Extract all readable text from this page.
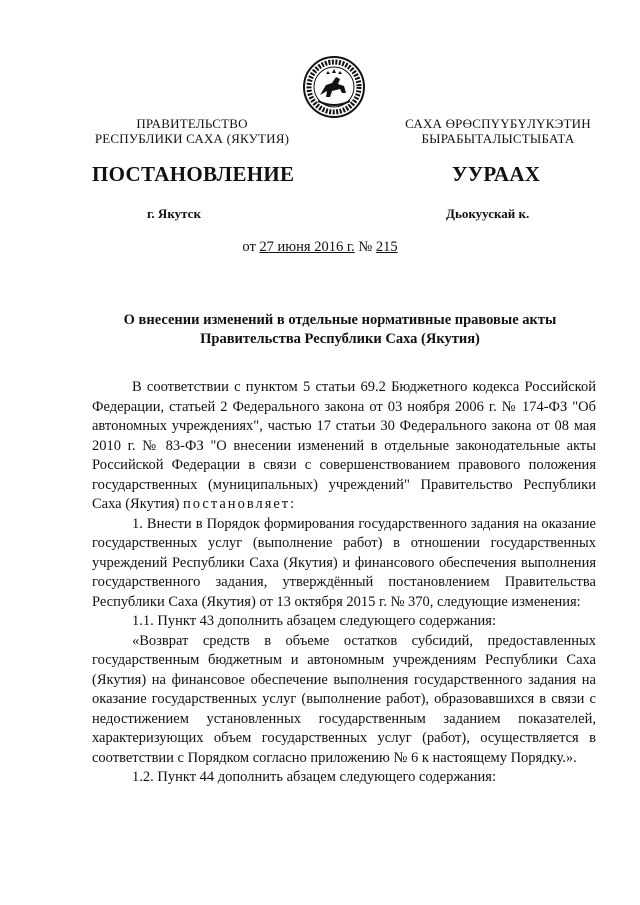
ПРАВИТЕЛЬСТВО
РЕСПУБЛИКИ САХА (ЯКУТИЯ)
САХА ӨРӨСПҮҮБҮЛҮКЭТИН
БЫРАБЫТАЛЫСТЫБАТА
ПОСТАНОВЛЕНИЕ	УУРААХ
г. Якутск	Дьокуускай к.
от 27 июня 2016 г. № 215
О внесении изменений в отдельные нормативные правовые акты
Правительства Республики Саха (Якутия)

В соответствии с пунктом 5 статьи 69.2 Бюджетного кодекса Российской Федерации, статьей 2 Федерального закона от 03 ноября 2006 г. № 174-ФЗ "Об автономных учреждениях", частью 17 статьи 30 Федерального закона от 08 мая 2010 г. № 83-ФЗ "О внесении изменений в отдельные законодательные акты Российской Федерации в связи с совершенствованием правового положения государственных (муниципальных) учреждений" Правительство Республики Саха (Якутия) постановляет:

1. Внести в Порядок формирования государственного задания на оказание государственных услуг (выполнение работ) в отношении государственных учреждений Республики Саха (Якутия) и финансового обеспечения выполнения государственного задания, утверждённый постановлением Правительства Республики Саха (Якутия) от 13 октября 2015 г. № 370, следующие изменения:

1.1. Пункт 43 дополнить абзацем следующего содержания:

«Возврат средств в объеме остатков субсидий, предоставленных государственным бюджетным и автономным учреждениям Республики Саха (Якутия) на финансовое обеспечение выполнения государственного задания на оказание государственных услуг (выполнение работ), образовавшихся в связи с недостижением установленных государственным заданием показателей, характеризующих объем государственных услуг (работ), осуществляется в соответствии с Порядком согласно приложению № 6 к настоящему Порядку.».

1.2. Пункт 44 дополнить абзацем следующего содержания:
